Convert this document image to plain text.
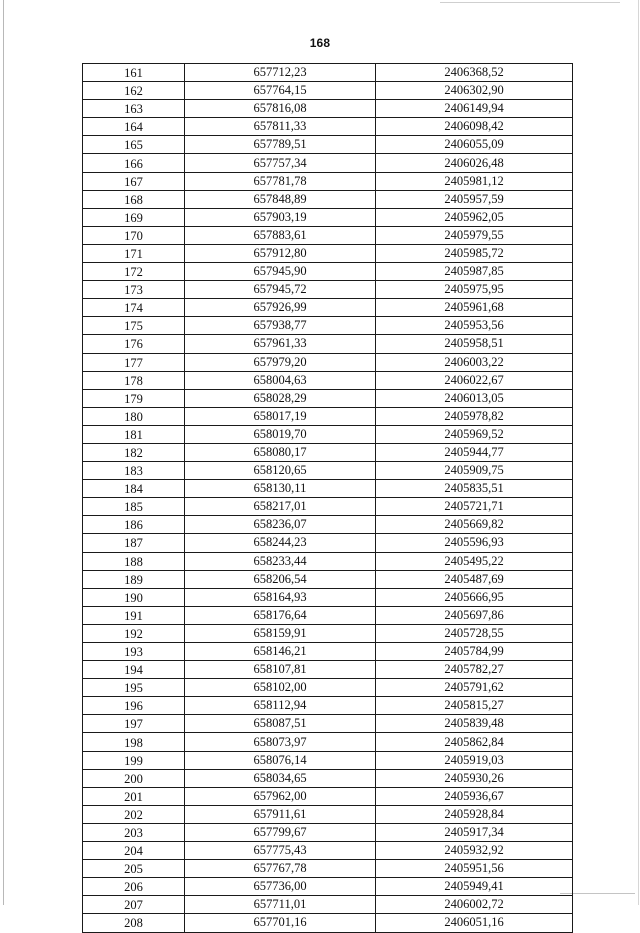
168
161	657712,23	2406368,52
162	657764,15	2406302,90
163	657816,08	2406149,94
164	657811,33	2406098,42
165	657789,51	2406055,09
166	657757,34	2406026,48
167	657781,78	2405981,12
168	657848,89	2405957,59
169	657903,19	2405962,05
170	657883,61	2405979,55
171	657912,80	2405985,72
172	657945,90	2405987,85
173	657945,72	2405975,95
174	657926,99	2405961,68
175	657938,77	2405953,56
176	657961,33	2405958,51
177	657979,20	2406003,22
178	658004,63	2406022,67
179	658028,29	2406013,05
180	658017,19	2405978,82
181	658019,70	2405969,52
182	658080,17	2405944,77
183	658120,65	2405909,75
184	658130,11	2405835,51
185	658217,01	2405721,71
186	658236,07	2405669,82
187	658244,23	2405596,93
188	658233,44	2405495,22
189	658206,54	2405487,69
190	658164,93	2405666,95
191	658176,64	2405697,86
192	658159,91	2405728,55
193	658146,21	2405784,99
194	658107,81	2405782,27
195	658102,00	2405791,62
196	658112,94	2405815,27
197	658087,51	2405839,48
198	658073,97	2405862,84
199	658076,14	2405919,03
200	658034,65	2405930,26
201	657962,00	2405936,67
202	657911,61	2405928,84
203	657799,67	2405917,34
204	657775,43	2405932,92
205	657767,78	2405951,56
206	657736,00	2405949,41
207	657711,01	2406002,72
208	657701,16	2406051,16
